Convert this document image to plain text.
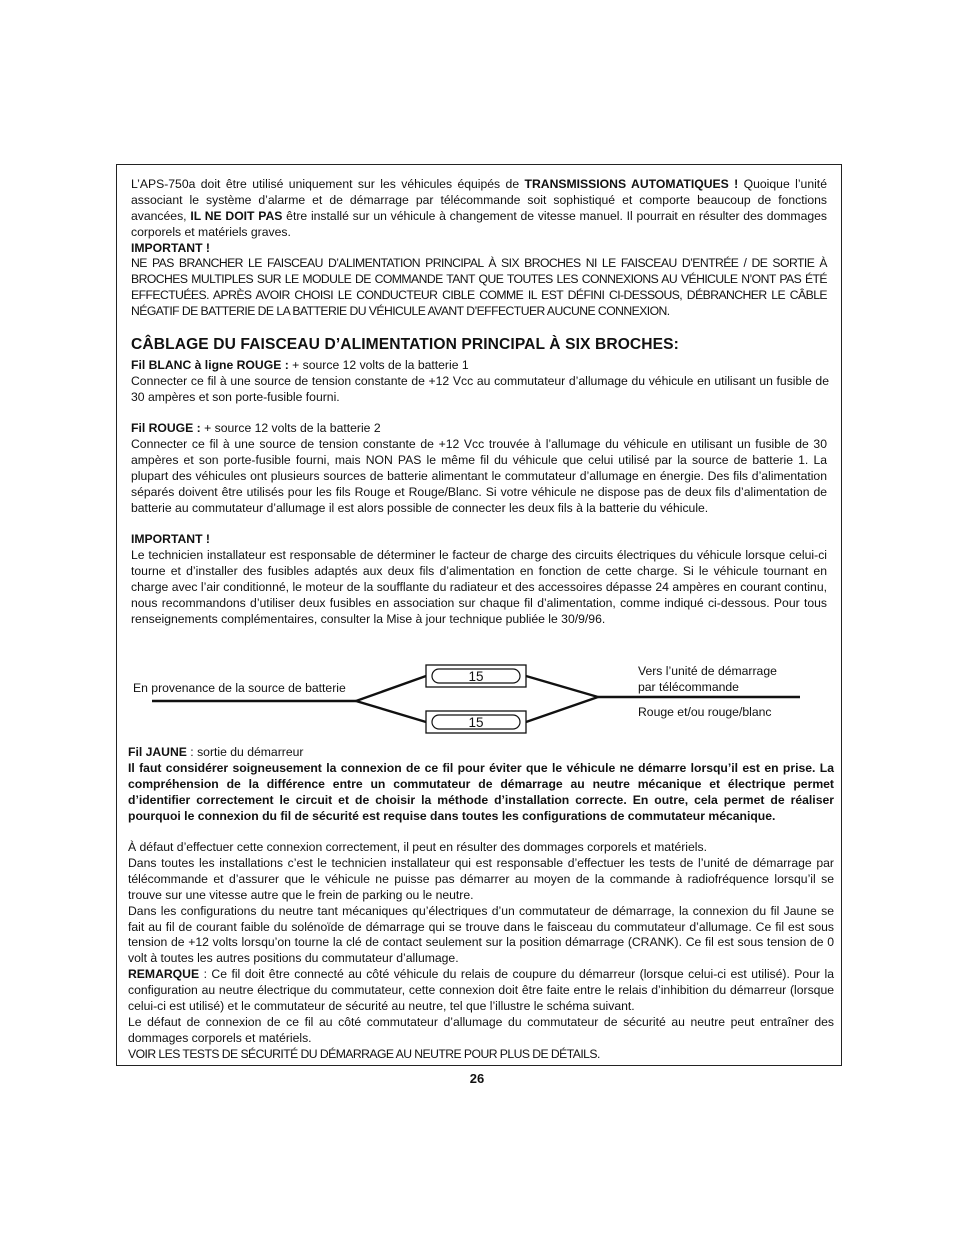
L’APS-750a doit être utilisé uniquement sur les véhicules équipés de TRANSMISSIONS AUTOMATIQUES ! Quoique l’unité associant le système d’alarme et de démarrage par télécommande soit sophistiqué et comporte beaucoup de fonctions avancées, IL NE DOIT PAS être installé sur un véhicule à changement de vitesse manuel. Il pourrait en résulter des dommages corporels et matériels graves.

IMPORTANT !

NE PAS BRANCHER LE FAISCEAU D’ALIMENTATION PRINCIPAL À SIX BROCHES NI LE FAISCEAU D’ENTRÉE / DE SORTIE À BROCHES MULTIPLES SUR LE MODULE DE COMMANDE TANT QUE TOUTES LES CONNEXIONS AU VÉHICULE N’ONT PAS ÉTÉ EFFECTUÉES. APRÈS AVOIR CHOISI LE CONDUCTEUR CIBLE COMME IL EST DÉFINI CI-DESSOUS, DÉBRANCHER LE CÂBLE NÉGATIF DE BATTERIE DE LA BATTERIE DU VÉHICULE AVANT D’EFFECTUER AUCUNE CONNEXION.

CÂBLAGE DU FAISCEAU D’ALIMENTATION PRINCIPAL À SIX BROCHES:

Fil BLANC à ligne ROUGE : + source 12 volts de la batterie 1
Connecter ce fil à une source de tension constante de +12 Vcc au commutateur d’allumage du véhicule en utilisant un fusible de 30 ampères et son porte-fusible fourni.

Fil ROUGE : + source 12 volts de la batterie 2
Connecter ce fil à une source de tension constante de +12 Vcc trouvée à l’allumage du véhicule en utilisant un fusible de 30 ampères et son porte-fusible fourni, mais NON PAS le même fil du véhicule que celui utilisé par la source de batterie 1. La plupart des véhicules ont plusieurs sources de batterie alimentant le commutateur d’allumage en énergie. Des fils d’alimentation séparés doivent être utilisés pour les fils Rouge et Rouge/Blanc. Si votre véhicule ne dispose pas de deux fils d’alimentation de batterie au commutateur d’allumage il est alors possible de connecter les deux fils à la batterie du véhicule.

IMPORTANT !
Le technicien installateur est responsable de déterminer le facteur de charge des circuits électriques du véhicule lorsque celui-ci tourne et d’installer des fusibles adaptés aux deux fils d’alimentation en fonction de cette charge. Si le véhicule tournant en charge avec l’air conditionné, le moteur de la soufflante du radiateur et des accessoires dépasse 24 ampères en courant continu, nous recommandons d’utiliser deux fusibles en association sur chaque fil d’alimentation, comme indiqué ci-dessous. Pour tous renseignements complémentaires, consulter la Mise à jour technique publiée le 30/9/96.

15
15
En provenance de la source de batterie
Vers l’unité de démarrage
par télécommande
Rouge et/ou rouge/blanc

Fil JAUNE : sortie du démarreur

Il faut considérer soigneusement la connexion de ce fil pour éviter que le véhicule ne démarre lorsqu’il est en prise. La compréhension de la différence entre un commutateur de démarrage au neutre mécanique et électrique permet d’identifier correctement le circuit et de choisir la méthode d’installation correcte. En outre, cela permet de réaliser pourquoi le connexion du fil de sécurité est requise dans toutes les configurations de commutateur mécanique.

À défaut d’effectuer cette connexion correctement, il peut en résulter des dommages corporels et matériels.
Dans toutes les installations c’est le technicien installateur qui est responsable d’effectuer les tests de l’unité de démarrage par télécommande et d’assurer que le véhicule ne puisse pas démarrer au moyen de la commande à radiofréquence lorsqu’il se trouve sur une vitesse autre que le frein de parking ou le neutre.
Dans les configurations du neutre tant mécaniques qu’électriques d’un commutateur de démarrage, la connexion du fil Jaune se fait au fil de courant faible du solénoïde de démarrage qui se trouve dans le faisceau du commutateur d’allumage. Ce fil est sous tension de +12 volts lorsqu’on tourne la clé de contact seulement sur la position démarrage (CRANK). Ce fil est sous tension de 0 volt à toutes les autres positions du commutateur d’allumage.
REMARQUE : Ce fil doit être connecté au côté véhicule du relais de coupure du démarreur (lorsque celui-ci est utilisé). Pour la configuration au neutre électrique du commutateur, cette connexion doit être faite entre le relais d’inhibition du démarreur (lorsque celui-ci est utilisé) et le commutateur de sécurité au neutre, tel que l’illustre le schéma suivant.
Le défaut de connexion de ce fil au côté commutateur d’allumage du commutateur de sécurité au neutre peut entraîner des dommages corporels et matériels.
VOIR LES TESTS DE SÉCURITÉ DU DÉMARRAGE AU NEUTRE POUR PLUS DE DÉTAILS.

26
